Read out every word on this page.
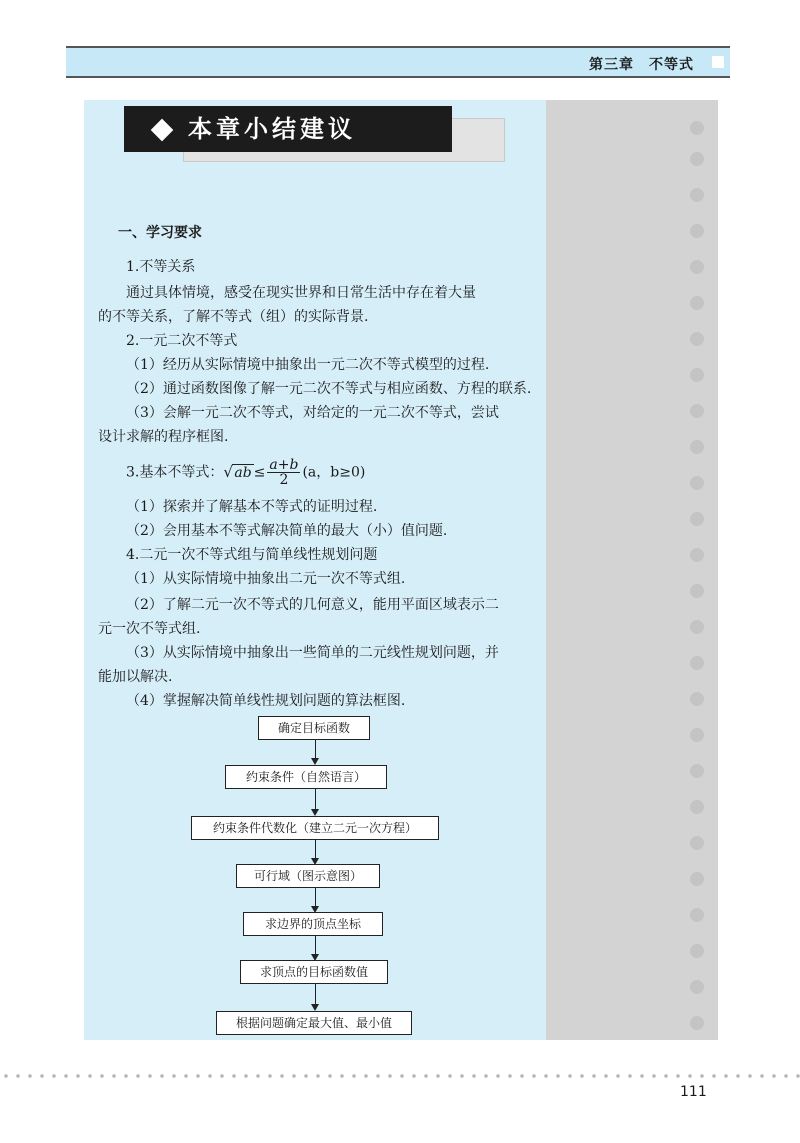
第三章　不等式
本章小结建议
一、学习要求
1.不等关系
通过具体情境，感受在现实世界和日常生活中存在着大量
的不等关系，了解不等式（组）的实际背景.
2.一元二次不等式
（1）经历从实际情境中抽象出一元二次不等式模型的过程.
（2）通过函数图像了解一元二次不等式与相应函数、方程的联系.
（3）会解一元二次不等式，对给定的一元二次不等式，尝试
设计求解的程序框图.
3.基本不等式： √ ab ≤ $\frac{a+b}{2} (a$，b≥0)
（1）探索并了解基本不等式的证明过程.
（2）会用基本不等式解决简单的最大（小）值问题.
4.二元一次不等式组与简单线性规划问题
（1）从实际情境中抽象出二元一次不等式组.
（2）了解二元一次不等式的几何意义，能用平面区域表示二
元一次不等式组.
（3）从实际情境中抽象出一些简单的二元线性规划问题，并
能加以解决.
（4）掌握解决简单线性规划问题的算法框图.
确定目标函数
约束条件（自然语言）
约束条件代数化（建立二元一次方程）
可行域（图示意图）
求边界的顶点坐标
求顶点的目标函数值
根据问题确定最大值、最小值
111
